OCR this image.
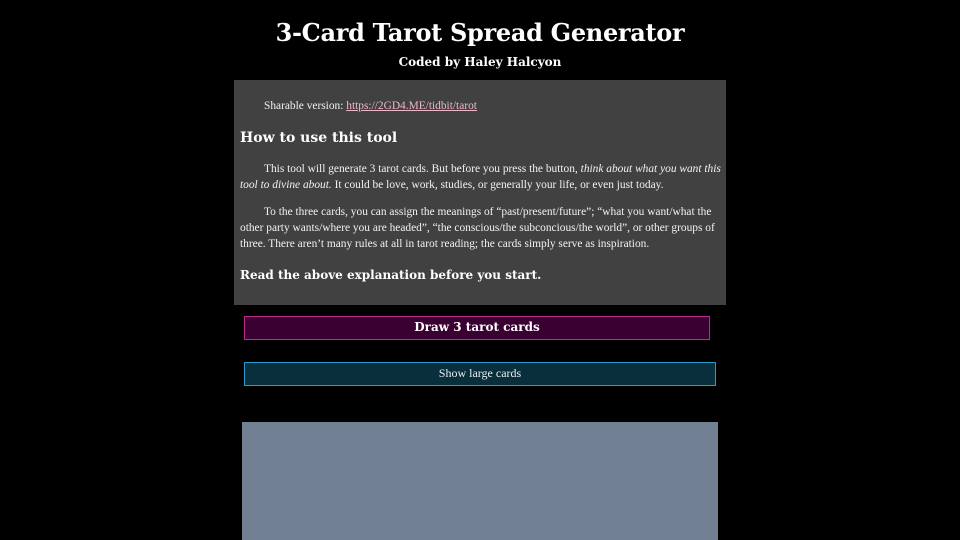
3-Card Tarot Spread Generator
Coded by Haley Halcyon
Sharable version: https://2GD4.ME/tidbit/tarot
How to use this tool

This tool will generate 3 tarot cards. But before you press the button, think about what you want this tool to divine about. It could be love, work, studies, or generally your life, or even just today.

To the three cards, you can assign the meanings of “past/present/future”; “what you want/what the other party wants/where you are headed”, “the conscious/the subconcious/the world”, or other groups of three. There aren’t many rules at all in tarot reading; the cards simply serve as inspiration.

Read the above explanation before you start.
Draw 3 tarot cards
Show large cards
